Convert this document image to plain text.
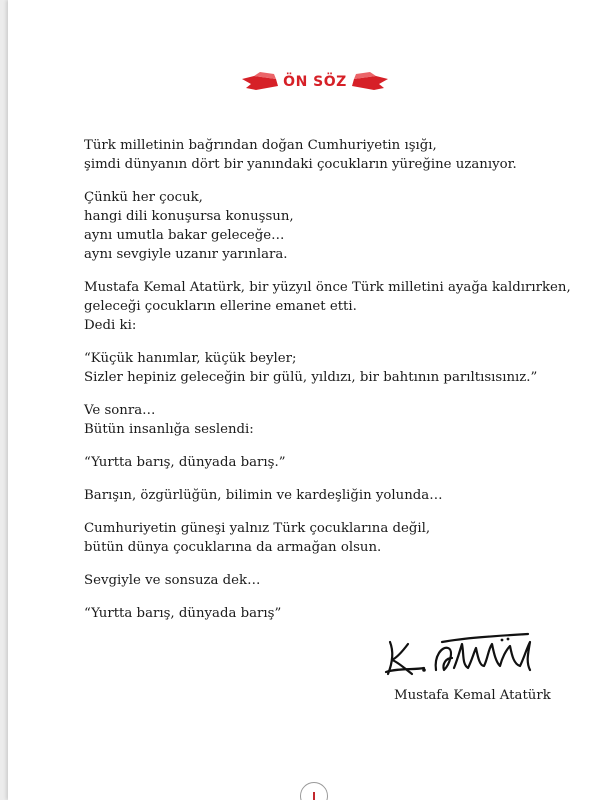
ÖN SÖZ

Türk milletinin bağrından doğan Cumhuriyetin ışığı,
şimdi dünyanın dört bir yanındaki çocukların yüreğine uzanıyor.

Çünkü her çocuk,
hangi dili konuşursa konuşsun,
aynı umutla bakar geleceğe…
aynı sevgiyle uzanır yarınlara.

Mustafa Kemal Atatürk, bir yüzyıl önce Türk milletini ayağa kaldırırken,
geleceği çocukların ellerine emanet etti.
Dedi ki:

“Küçük hanımlar, küçük beyler;
Sizler hepiniz geleceğin bir gülü, yıldızı, bir bahtının parıltısısınız.”

Ve sonra…
Bütün insanlığa seslendi:

“Yurtta barış, dünyada barış.”

Barışın, özgürlüğün, bilimin ve kardeşliğin yolunda…

Cumhuriyetin güneşi yalnız Türk çocuklarına değil,
bütün dünya çocuklarına da armağan olsun.

Sevgiyle ve sonsuza dek…

“Yurtta barış, dünyada barış”

Mustafa Kemal Atatürk
